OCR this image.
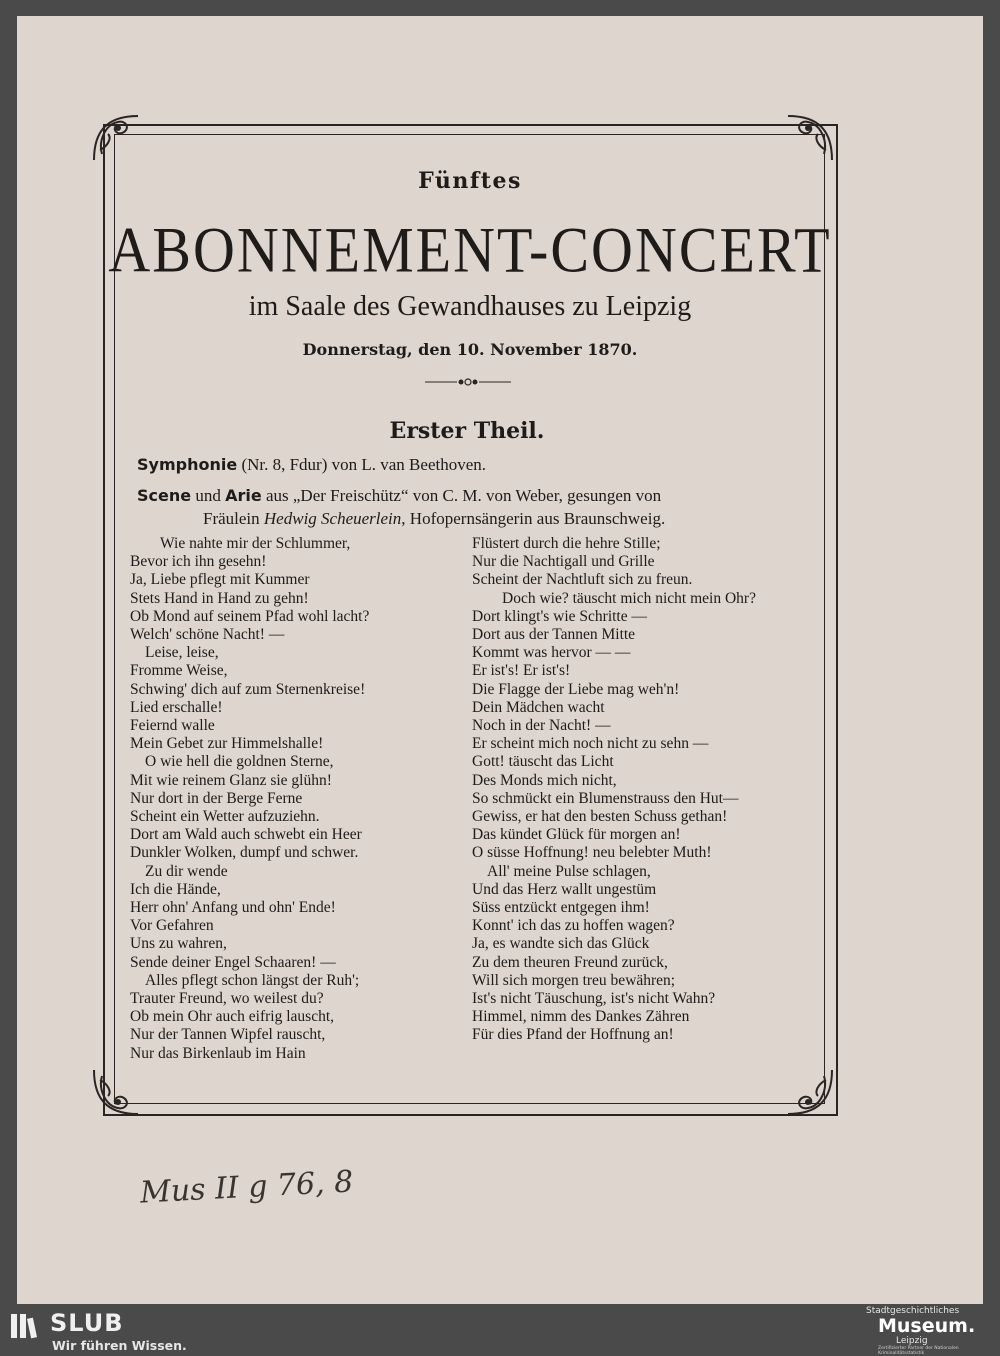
Fünftes
ABONNEMENT-CONCERT
im Saale des Gewandhauses zu Leipzig
Donnerstag, den 10. November 1870.
Erster Theil.
Symphonie (Nr. 8, Fdur) von L. van Beethoven.
Scene und Arie aus „Der Freischütz“ von C. M. von Weber, gesungen von
Fräulein Hedwig Scheuerlein, Hofopernsängerin aus Braunschweig.
Wie nahte mir der Schlummer,
Bevor ich ihn gesehn!
Ja, Liebe pflegt mit Kummer
Stets Hand in Hand zu gehn!
Ob Mond auf seinem Pfad wohl lacht?
Welch' schöne Nacht! —
Leise, leise,
Fromme Weise,
Schwing' dich auf zum Sternenkreise!
Lied erschalle!
Feiernd walle
Mein Gebet zur Himmelshalle!
O wie hell die goldnen Sterne,
Mit wie reinem Glanz sie glühn!
Nur dort in der Berge Ferne
Scheint ein Wetter aufzuziehn.
Dort am Wald auch schwebt ein Heer
Dunkler Wolken, dumpf und schwer.
Zu dir wende
Ich die Hände,
Herr ohn' Anfang und ohn' Ende!
Vor Gefahren
Uns zu wahren,
Sende deiner Engel Schaaren! —
Alles pflegt schon längst der Ruh';
Trauter Freund, wo weilest du?
Ob mein Ohr auch eifrig lauscht,
Nur der Tannen Wipfel rauscht,
Nur das Birkenlaub im Hain
Flüstert durch die hehre Stille;
Nur die Nachtigall und Grille
Scheint der Nachtluft sich zu freun.
Doch wie? täuscht mich nicht mein Ohr?
Dort klingt's wie Schritte —
Dort aus der Tannen Mitte
Kommt was hervor — —
Er ist's! Er ist's!
Die Flagge der Liebe mag weh'n!
Dein Mädchen wacht
Noch in der Nacht! —
Er scheint mich noch nicht zu sehn —
Gott! täuscht das Licht
Des Monds mich nicht,
So schmückt ein Blumenstrauss den Hut—
Gewiss, er hat den besten Schuss gethan!
Das kündet Glück für morgen an!
O süsse Hoffnung! neu belebter Muth!
All' meine Pulse schlagen,
Und das Herz wallt ungestüm
Süss entzückt entgegen ihm!
Konnt' ich das zu hoffen wagen?
Ja, es wandte sich das Glück
Zu dem theuren Freund zurück,
Will sich morgen treu bewähren;
Ist's nicht Täuschung, ist's nicht Wahn?
Himmel, nimm des Dankes Zähren
Für dies Pfand der Hoffnung an!
Mus II g 76, 8
SLUB
Wir führen Wissen.
Stadtgeschichtliches
Museum.
Leipzig
Zertifizierter Partner der Nationalen Kriminalitätsstatistik
